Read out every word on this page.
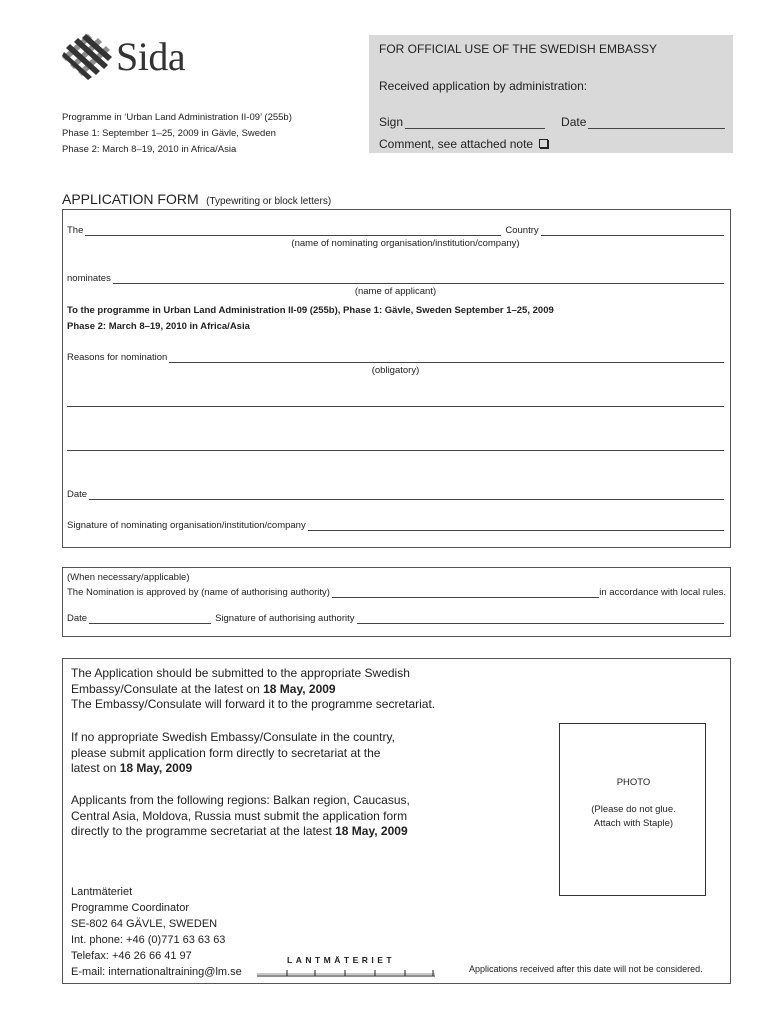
Sida	FOR OFFICIAL USE OF THE SWEDISH EMBASSY
Received application by administration:
Sign	Date
Comment, see attached note
Programme in ‘Urban Land Administration II-09’ (255b)
Phase 1: September 1–25, 2009 in Gävle, Sweden
Phase 2: March 8–19, 2010 in Africa/Asia
APPLICATION FORM (Typewriting or block letters)
The	Country
(name of nominating organisation/institution/company)
nominates
(name of applicant)
To the programme in Urban Land Administration II-09 (255b), Phase 1: Gävle, Sweden September 1–25, 2009
Phase 2: March 8–19, 2010 in Africa/Asia
Reasons for nomination
(obligatory)
Date
Signature of nominating organisation/institution/company
(When necessary/applicable)
The Nomination is approved by (name of authorising authority)	in accordance with local rules.
Date	Signature of authorising authority
The Application should be submitted to the appropriate Swedish
Embassy/Consulate at the latest on 18 May, 2009
The Embassy/Consulate will forward it to the programme secretariat.
If no appropriate Swedish Embassy/Consulate in the country,
please submit application form directly to secretariat at the
latest on 18 May, 2009
Applicants from the following regions: Balkan region, Caucasus,
Central Asia, Moldova, Russia must submit the application form
directly to the programme secretariat at the latest 18 May, 2009
PHOTO
(Please do not glue.
Attach with Staple)
Lantmäteriet
Programme Coordinator
SE-802 64 GÄVLE, SWEDEN
Int. phone: +46 (0)771 63 63 63
Telefax: +46 26 66 41 97
E-mail: internationaltraining@lm.se
LANTMÄTERIET
Applications received after this date will not be considered.
